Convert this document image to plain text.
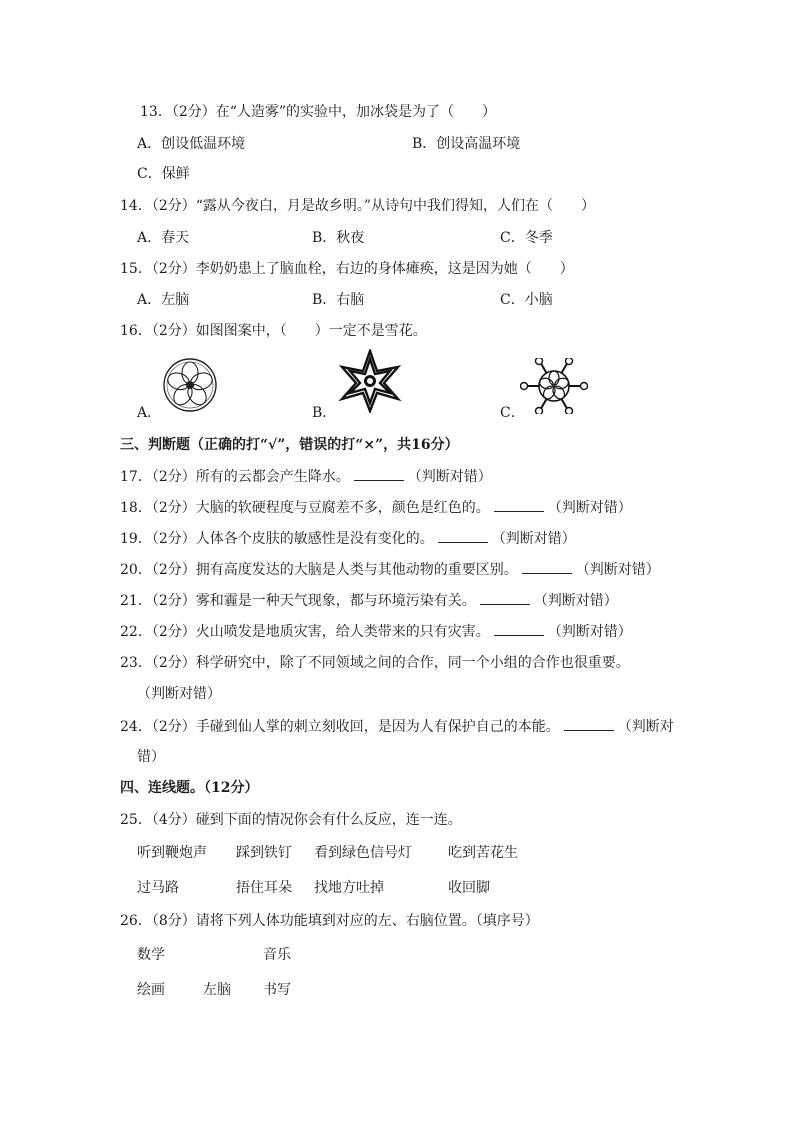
13．（2分）在“人造雾”的实验中，加冰袋是为了（　　）
A．创设低温环境	B．创设高温环境
C．保鲜
14．（2分）“露从今夜白，月是故乡明。”从诗句中我们得知，人们在（　　）
A．春天	B．秋夜	C．冬季
15．（2分）李奶奶患上了脑血栓，右边的身体瘫痪，这是因为她（　　）
A．左脑	B．右脑	C．小脑
16．（2分）如图图案中，（　　）一定不是雪花。
A．	B．	C．
三、判断题（正确的打“√”，错误的打“×”，共16分）
17．（2分）所有的云都会产生降水。	（判断对错）
18．（2分）大脑的软硬程度与豆腐差不多，颜色是红色的。	（判断对错）
19．（2分）人体各个皮肤的敏感性是没有变化的。	（判断对错）
20．（2分）拥有高度发达的大脑是人类与其他动物的重要区别。	（判断对错）
21．（2分）雾和霾是一种天气现象，都与环境污染有关。	（判断对错）
22．（2分）火山喷发是地质灾害，给人类带来的只有灾害。	（判断对错）
23．（2分）科学研究中，除了不同领域之间的合作，同一个小组的合作也很重要。
（判断对错）
24．（2分）手碰到仙人掌的刺立刻收回，是因为人有保护自己的本能。	（判断对
错）
四、连线题。（12分）
25．（4分）碰到下面的情况你会有什么反应，连一连。
听到鞭炮声 踩到铁钉 看到绿色信号灯	吃到苦花生
过马路	捂住耳朵 找地方吐掉	收回脚
26．（8分）请将下列人体功能填到对应的左、右脑位置。（填序号）
数学	音乐
绘画	左脑 书写
